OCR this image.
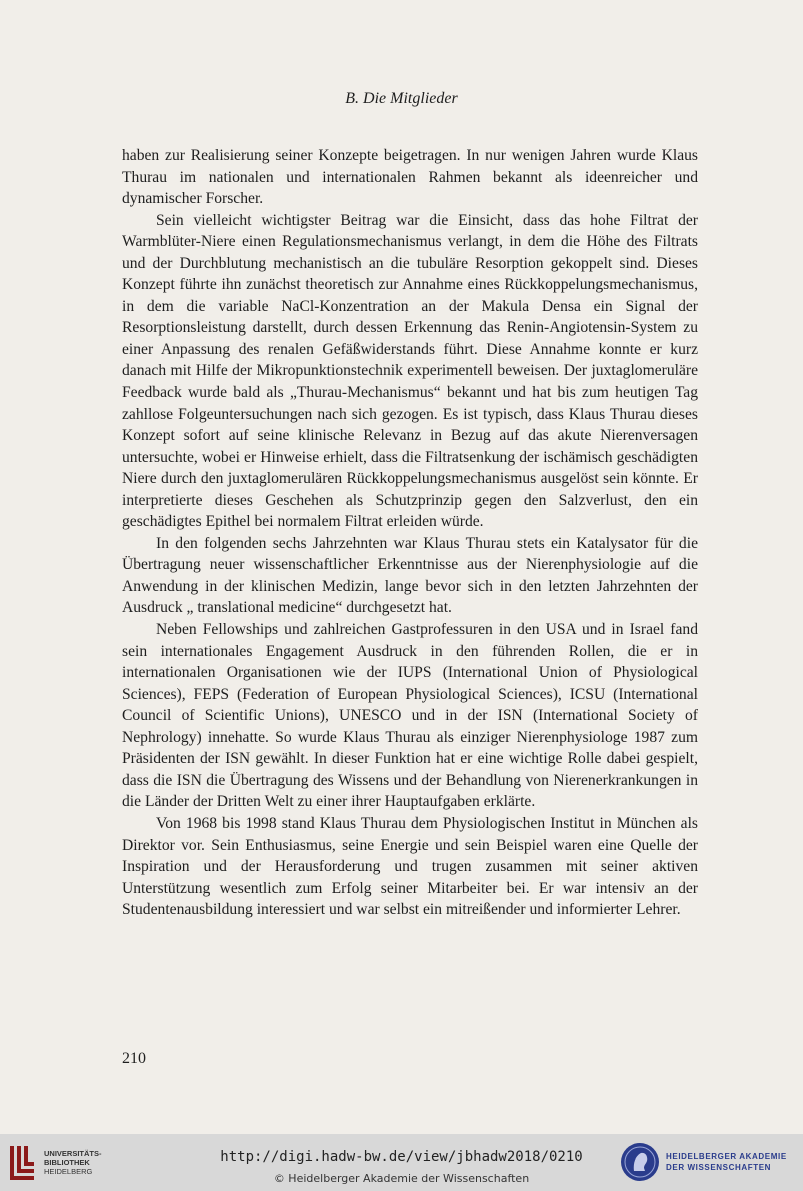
B. Die Mitglieder

haben zur Realisierung seiner Konzepte beigetragen. In nur wenigen Jahren wurde Klaus Thurau im nationalen und internationalen Rahmen bekannt als ideenreicher und dynamischer Forscher.

Sein vielleicht wichtigster Beitrag war die Einsicht, dass das hohe Filtrat der Warmblüter-Niere einen Regulationsmechanismus verlangt, in dem die Höhe des Filtrats und der Durchblutung mechanistisch an die tubuläre Resorption gekoppelt sind. Dieses Konzept führte ihn zunächst theoretisch zur Annahme eines Rückkoppelungsmechanismus, in dem die variable NaCl-Konzentration an der Makula Densa ein Signal der Resorptionsleistung darstellt, durch dessen Erkennung das Renin-Angiotensin-System zu einer Anpassung des renalen Gefäßwiderstands führt. Diese Annahme konnte er kurz danach mit Hilfe der Mikropunktionstechnik experimentell beweisen. Der juxtaglomeruläre Feedback wurde bald als „Thurau-Mechanismus“ bekannt und hat bis zum heutigen Tag zahllose Folgeuntersuchungen nach sich gezogen. Es ist typisch, dass Klaus Thurau dieses Konzept sofort auf seine klinische Relevanz in Bezug auf das akute Nierenversagen untersuchte, wobei er Hinweise erhielt, dass die Filtratsenkung der ischämisch geschädigten Niere durch den juxtaglomerulären Rückkoppelungsmechanismus ausgelöst sein könnte. Er interpretierte dieses Geschehen als Schutzprinzip gegen den Salzverlust, den ein geschädigtes Epithel bei normalem Filtrat erleiden würde.

In den folgenden sechs Jahrzehnten war Klaus Thurau stets ein Katalysator für die Übertragung neuer wissenschaftlicher Erkenntnisse aus der Nierenphysiologie auf die Anwendung in der klinischen Medizin, lange bevor sich in den letzten Jahrzehnten der Ausdruck „ translational medicine“ durchgesetzt hat.

Neben Fellowships und zahlreichen Gastprofessuren in den USA und in Israel fand sein internationales Engagement Ausdruck in den führenden Rollen, die er in internationalen Organisationen wie der IUPS (International Union of Physiological Sciences), FEPS (Federation of European Physiological Sciences), ICSU (International Council of Scientific Unions), UNESCO und in der ISN (International Society of Nephrology) innehatte. So wurde Klaus Thurau als einziger Nierenphysiologe 1987 zum Präsidenten der ISN gewählt. In dieser Funktion hat er eine wichtige Rolle dabei gespielt, dass die ISN die Übertragung des Wissens und der Behandlung von Nierenerkrankungen in die Länder der Dritten Welt zu einer ihrer Hauptaufgaben erklärte.

Von 1968 bis 1998 stand Klaus Thurau dem Physiologischen Institut in München als Direktor vor. Sein Enthusiasmus, seine Energie und sein Beispiel waren eine Quelle der Inspiration und der Herausforderung und trugen zusammen mit seiner aktiven Unterstützung wesentlich zum Erfolg seiner Mitarbeiter bei. Er war intensiv an der Studentenausbildung interessiert und war selbst ein mitreißender und informierter Lehrer.

210
UNIVERSITÄTS-
BIBLIOTHEK
HEIDELBERG
http://digi.hadw-bw.de/view/jbhadw2018/0210
© Heidelberger Akademie der Wissenschaften
HEIDELBERGER AKADEMIE
DER WISSENSCHAFTEN
